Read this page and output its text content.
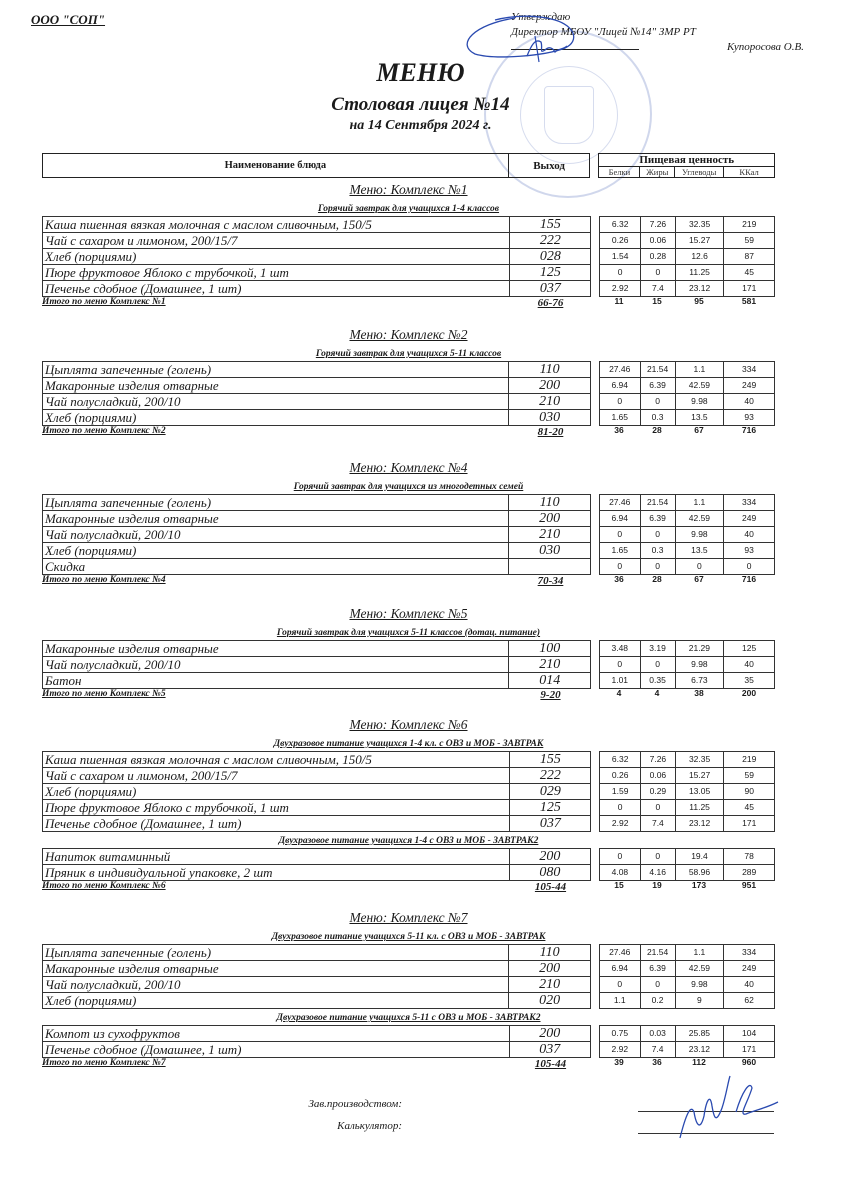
ООО "СОП"	Утверждаю
Директор МБОУ "Лицей №14" ЗМР РТ
Купоросова О.В.
МЕНЮ
Столовая лицея №14
на 14 Сентября 2024 г.
Наименование блюда	Выход		Пищевая ценность			
			Белки	Жиры	Углеводы	ККал
Меню: Комплекс №1
Горячий завтрак для учащихся 1-4 классов
Каша пшенная вязкая молочная с маслом сливочным, 150/5	155		6.32	7.26	32.35	219
Чай с сахаром и лимоном, 200/15/7	222		0.26	0.06	15.27	59
Хлеб (порциями)	028		1.54	0.28	12.6	87
Пюре фруктовое Яблоко с трубочкой, 1 шт	125		0	0	11.25	45
Печенье сдобное (Домашнее, 1 шт)	037		2.92	7.4	23.12	171
Итого по меню Комплекс №1	66-76	11	15	95	581
Меню: Комплекс №2
Горячий завтрак для учащихся 5-11 классов
Цыплята запеченные (голень)	110		27.46	21.54	1.1	334
Макаронные изделия отварные	200		6.94	6.39	42.59	249
Чай полусладкий, 200/10	210		0	0	9.98	40
Хлеб (порциями)	030		1.65	0.3	13.5	93
Итого по меню Комплекс №2	81-20	36	28	67	716
Меню: Комплекс №4
Горячий завтрак для учащихся из многодетных семей
Цыплята запеченные (голень)	110		27.46	21.54	1.1	334
Макаронные изделия отварные	200		6.94	6.39	42.59	249
Чай полусладкий, 200/10	210		0	0	9.98	40
Хлеб (порциями)	030		1.65	0.3	13.5	93
Скидка			0	0	0	0
Итого по меню Комплекс №4	70-34	36	28	67	716
Меню: Комплекс №5
Горячий завтрак для учащихся 5-11 классов (дотац. питание)
Макаронные изделия отварные	100		3.48	3.19	21.29	125
Чай полусладкий, 200/10	210		0	0	9.98	40
Батон	014		1.01	0.35	6.73	35
Итого по меню Комплекс №5	9-20	4	4	38	200
Меню: Комплекс №6
Двухразовое питание учащихся 1-4 кл. с ОВЗ и МОБ - ЗАВТРАК
Каша пшенная вязкая молочная с маслом сливочным, 150/5	155		6.32	7.26	32.35	219
Чай с сахаром и лимоном, 200/15/7	222		0.26	0.06	15.27	59
Хлеб (порциями)	029		1.59	0.29	13.05	90
Пюре фруктовое Яблоко с трубочкой, 1 шт	125		0	0	11.25	45
Печенье сдобное (Домашнее, 1 шт)	037		2.92	7.4	23.12	171
Двухразовое питание учащихся 1-4 с ОВЗ и МОБ - ЗАВТРАК2
Напиток витаминный	200		0	0	19.4	78
Пряник в индивидуальной упаковке, 2 шт	080		4.08	4.16	58.96	289
Итого по меню Комплекс №6	105-44	15	19	173	951
Меню: Комплекс №7
Двухразовое питание учащихся 5-11 кл. с ОВЗ и МОБ - ЗАВТРАК
Цыплята запеченные (голень)	110		27.46	21.54	1.1	334
Макаронные изделия отварные	200		6.94	6.39	42.59	249
Чай полусладкий, 200/10	210		0	0	9.98	40
Хлеб (порциями)	020		1.1	0.2	9	62
Двухразовое питание учащихся 5-11 с ОВЗ и МОБ - ЗАВТРАК2
Компот из сухофруктов	200		0.75	0.03	25.85	104
Печенье сдобное (Домашнее, 1 шт)	037		2.92	7.4	23.12	171
Итого по меню Комплекс №7	105-44	39	36	112	960
Зав.производством:
Калькулятор:
